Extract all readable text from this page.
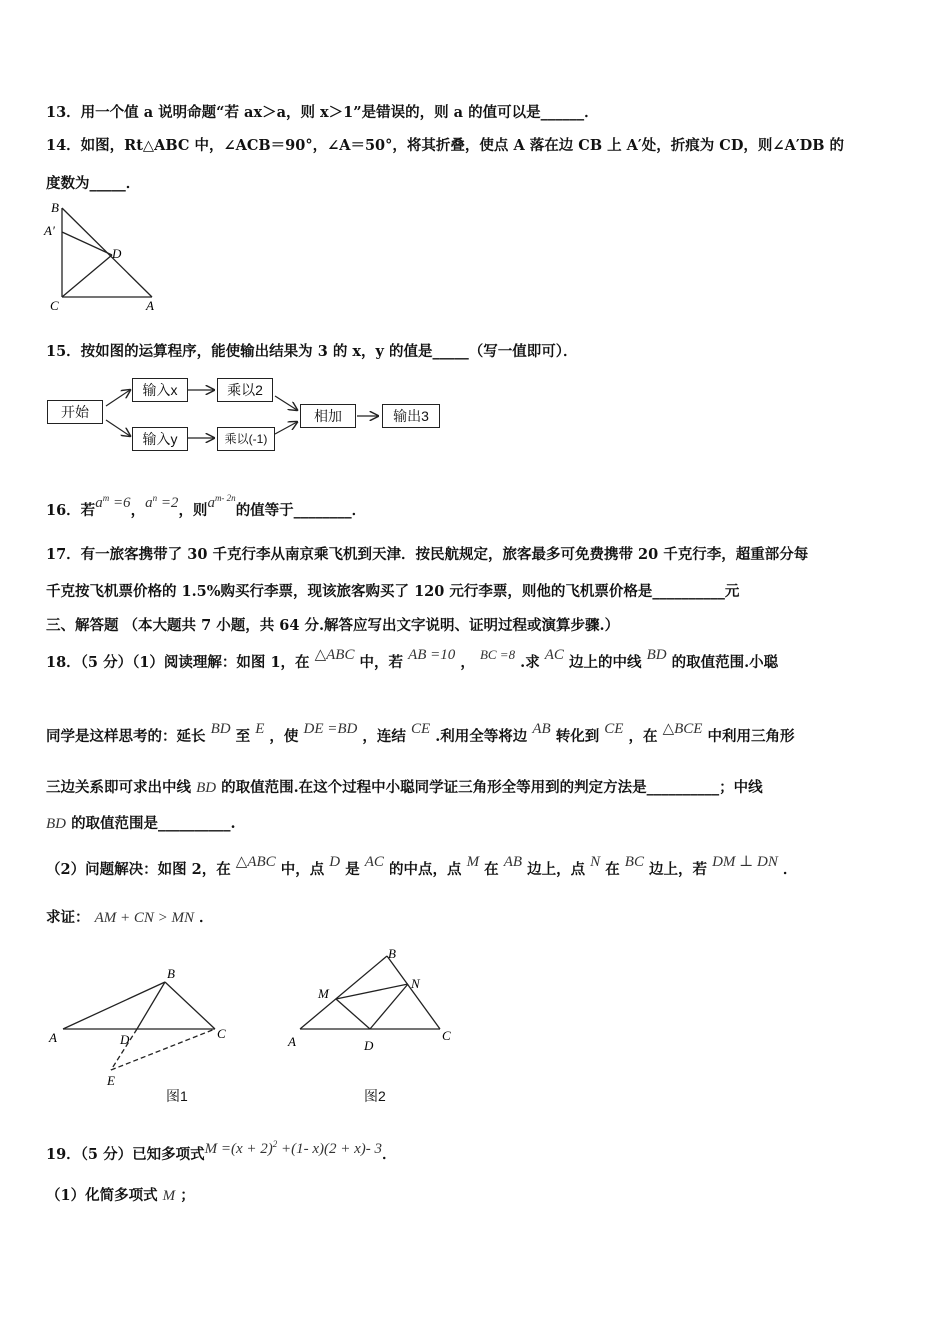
13．用一个值 a 说明命题“若 ax＞a，则 x＞1”是错误的，则 a 的值可以是______．
14．如图，Rt△ABC 中，∠ACB＝90°，∠A＝50°，将其折叠，使点 A 落在边 CB 上 A′处，折痕为 CD，则∠A′DB 的
度数为_____．
B
A′
D
C	A
15．按如图的运算程序，能使输出结果为 3 的 x，y 的值是_____（写一值即可）．
开始
输入x	乘以2
输入y	乘以(-1)
相加	输出3
16．若$a^m =6$，$a^n =2$，则$a^{m- 2n}$的值等于________．
17．有一旅客携带了 30 千克行李从南京乘飞机到天津．按民航规定，旅客最多可免费携带 20 千克行李，超重部分每
千克按飞机票价格的 1.5%购买行李票，现该旅客购买了 120 元行李票，则他的飞机票价格是__________元
三、解答题 （本大题共 7 小题，共 64 分.解答应写出文字说明、证明过程或演算步骤.）
18．（5 分）（1）阅读理解：如图 1，在 △ABC 中，若 AB =10 ， BC =8 .求 AC 边上的中线 BD 的取值范围.小聪
同学是这样思考的：延长 BD 至 E ，使 DE =BD ，连结 CE .利用全等将边 AB 转化到 CE ，在 △BCE 中利用三角形
三边关系即可求出中线 BD 的取值范围.在这个过程中小聪同学证三角形全等用到的判定方法是__________；中线
BD 的取值范围是__________.
（2）问题解决：如图 2，在 △ABC 中，点 D 是 AC 的中点，点 M 在 AB 边上，点 N 在 BC 边上，若 DM ⊥ DN ．
求证： AM + CN > MN ．
B
A	D	C
E
图1
B
M
N
A	D
C
图2
19．（5 分）已知多项式$M =(x + 2)^2 +(1-$ x)(2 + x)- 3．
（1）化简多项式 M ；
